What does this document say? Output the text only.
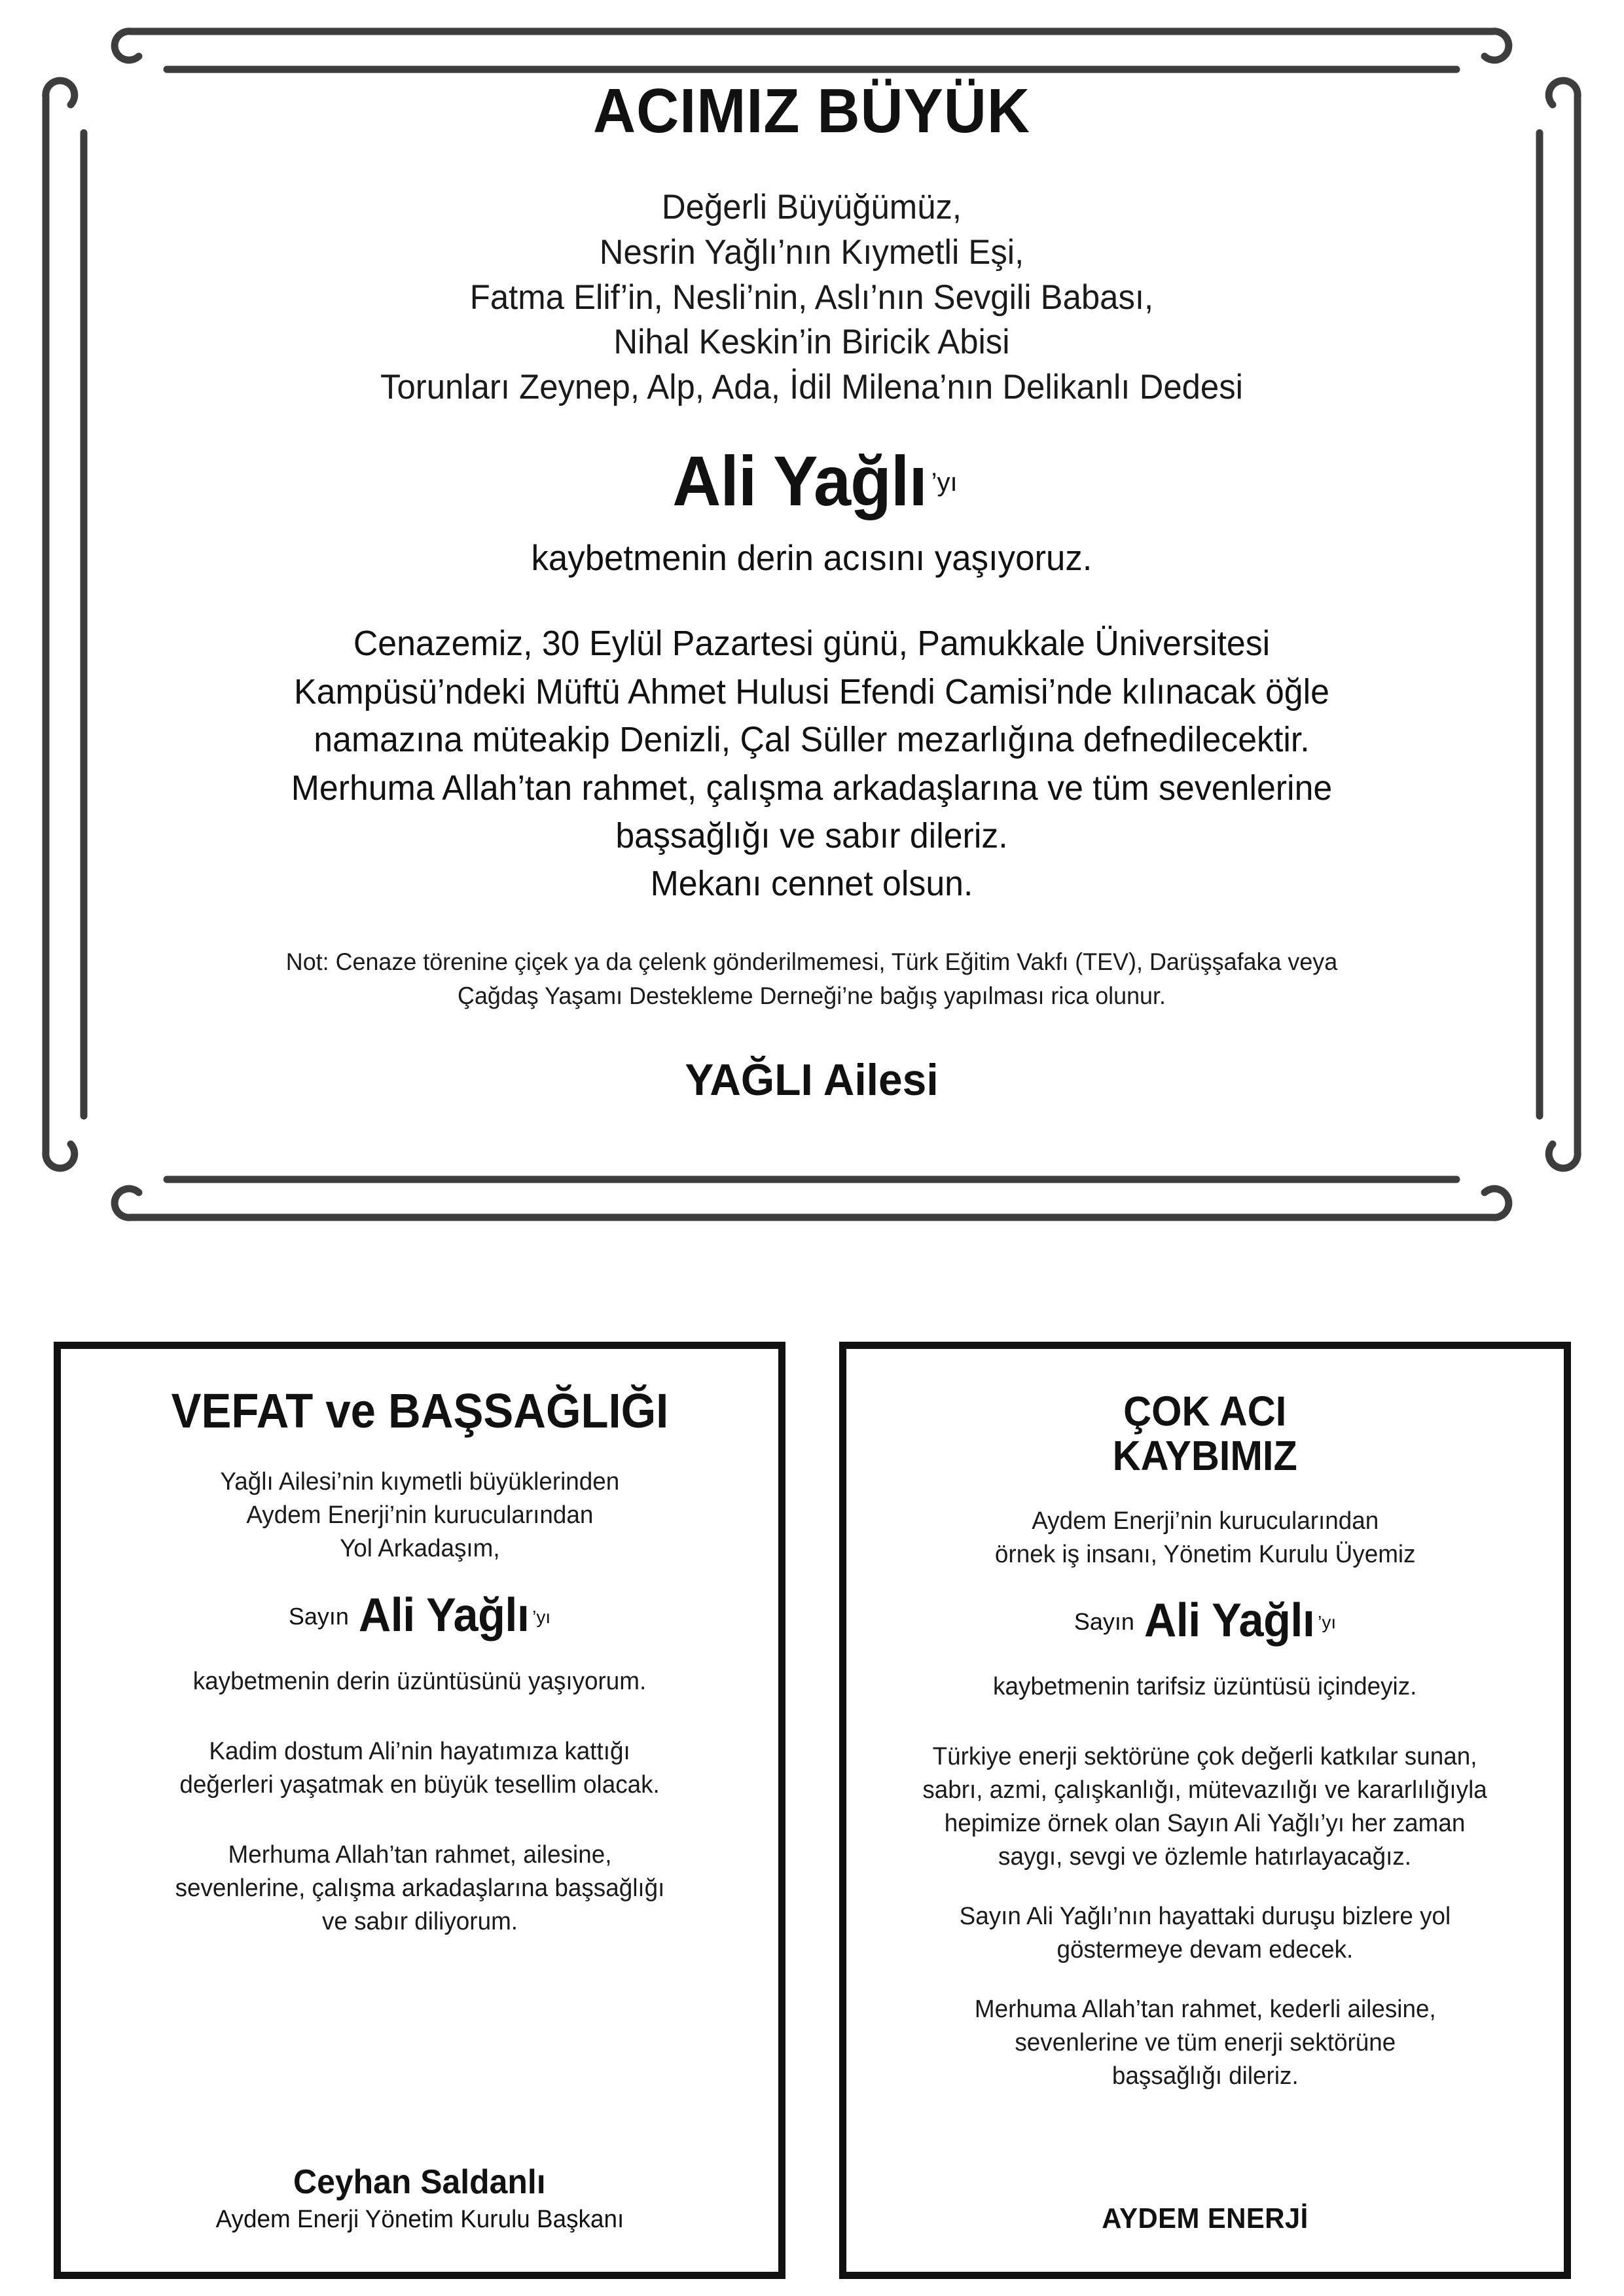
ACIMIZ BÜYÜK
Değerli Büyüğümüz,
Nesrin Yağlı’nın Kıymetli Eşi,
Fatma Elif’in, Nesli’nin, Aslı’nın Sevgili Babası,
Nihal Keskin’in Biricik Abisi
Torunları Zeynep, Alp, Ada, İdil Milena’nın Delikanlı Dedesi
Ali Yağlı ’yı

kaybetmenin derin acısını yaşıyoruz.

Cenazemiz, 30 Eylül Pazartesi günü, Pamukkale Üniversitesi
Kampüsü’ndeki Müftü Ahmet Hulusi Efendi Camisi’nde kılınacak öğle
namazına müteakip Denizli, Çal Süller mezarlığına defnedilecektir.
Merhuma Allah’tan rahmet, çalışma arkadaşlarına ve tüm sevenlerine
başsağlığı ve sabır dileriz.
Mekanı cennet olsun.
Not: Cenaze törenine çiçek ya da çelenk gönderilmemesi, Türk Eğitim Vakfı (TEV), Darüşşafaka veya
Çağdaş Yaşamı Destekleme Derneği’ne bağış yapılması rica olunur.
YAĞLI Ailesi
VEFAT ve BAŞSAĞLIĞI
Yağlı Ailesi’nin kıymetli büyüklerinden
Aydem Enerji’nin kurucularından
Yol Arkadaşım,
Sayın Ali Yağlı ’yı
kaybetmenin derin üzüntüsünü yaşıyorum.
Kadim dostum Ali’nin hayatımıza kattığı
değerleri yaşatmak en büyük tesellim olacak.
Merhuma Allah’tan rahmet, ailesine,
sevenlerine, çalışma arkadaşlarına başsağlığı
ve sabır diliyorum.
Ceyhan Saldanlı
Aydem Enerji Yönetim Kurulu Başkanı
ÇOK ACI
KAYBIMIZ
Aydem Enerji’nin kurucularından
örnek iş insanı, Yönetim Kurulu Üyemiz
Sayın Ali Yağlı ’yı
kaybetmenin tarifsiz üzüntüsü içindeyiz.
Türkiye enerji sektörüne çok değerli katkılar sunan,
sabrı, azmi, çalışkanlığı, mütevazılığı ve kararlılığıyla
hepimize örnek olan Sayın Ali Yağlı’yı her zaman
saygı, sevgi ve özlemle hatırlayacağız.
Sayın Ali Yağlı’nın hayattaki duruşu bizlere yol
göstermeye devam edecek.
Merhuma Allah’tan rahmet, kederli ailesine,
sevenlerine ve tüm enerji sektörüne
başsağlığı dileriz.
AYDEM ENERJİ
